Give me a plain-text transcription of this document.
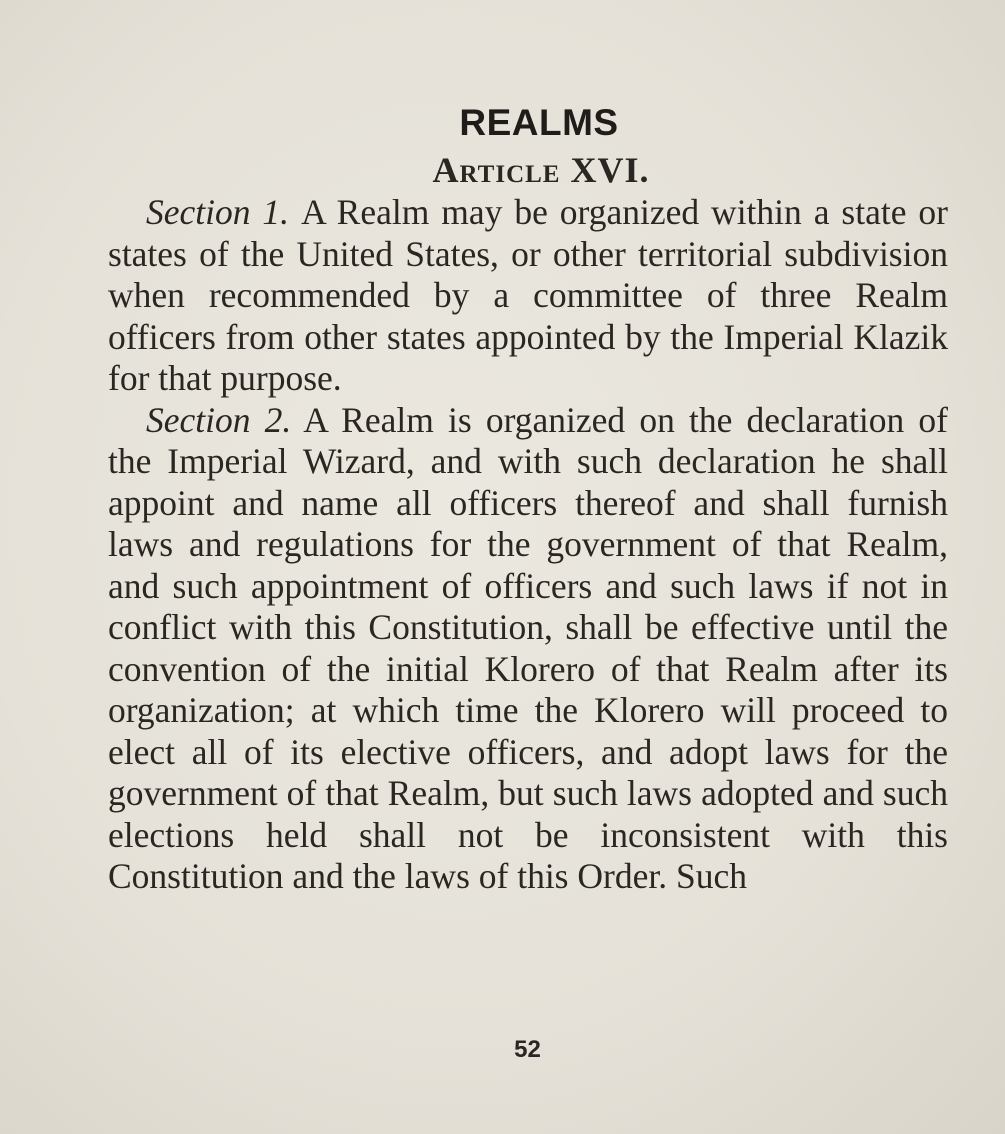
REALMS
Article XVI.

Section 1. A Realm may be organized within a state or states of the United States, or other territorial subdivision when recommended by a committee of three Realm officers from other states appointed by the Imperial Klazik for that purpose.

Section 2. A Realm is organized on the declaration of the Imperial Wizard, and with such declaration he shall appoint and name all officers thereof and shall furnish laws and regulations for the government of that Realm, and such appointment of officers and such laws if not in conflict with this Constitution, shall be effective until the convention of the initial Klorero of that Realm after its organization; at which time the Klorero will proceed to elect all of its elective officers, and adopt laws for the government of that Realm, but such laws adopted and such elections held shall not be inconsistent with this Constitution and the laws of this Order. Such

52
